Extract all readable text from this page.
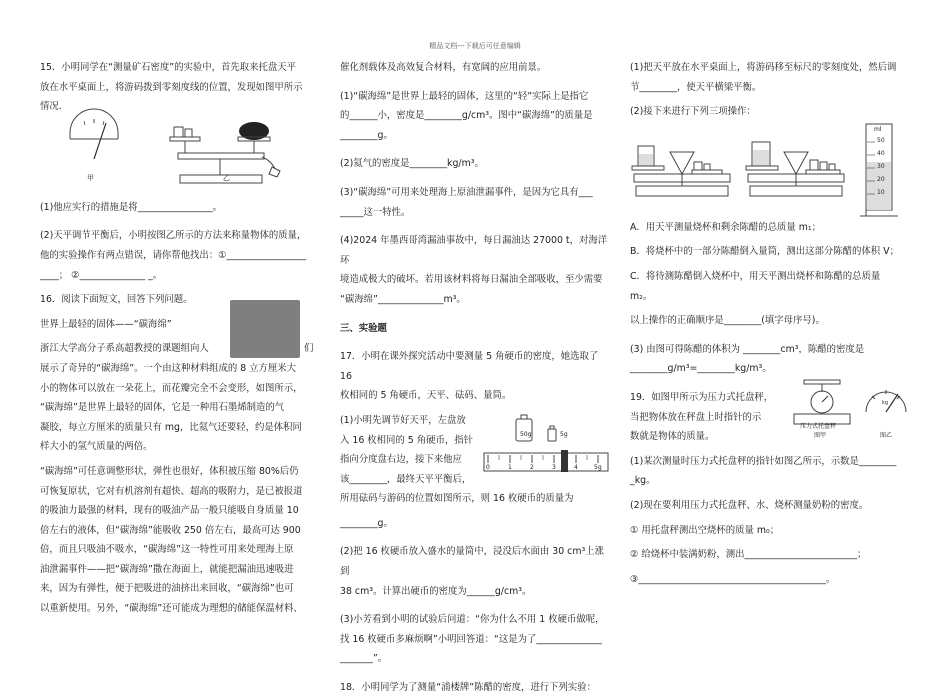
精品文档---下载后可任意编辑

15．小明同学在“测量矿石密度”的实验中，首先取来托盘天平

放在水平桌面上，将游码拨到零刻度线的位置，发现如图甲所示

情况．

甲	乙

(1)他应实行的措施是将________________。

(2)天平调节平衡后，小明按图乙所示的方法来称量物体的质量，

他的实验操作有两点错误，请你帮他找出：①_________________

____； ②______________ _。

16．阅读下面短文，回答下列问题。

世界上最轻的固体——“碳海绵”

浙江大学高分子系高超教授的课题组向人	们

展示了奇异的“碳海绵”。一个由这种材料组成的 8 立方厘米大

小的物体可以放在一朵花上，而花瓣完全不会变形，如图所示，

“碳海绵”是世界上最轻的固体，它是一种用石墨烯制造的气

凝胶，每立方厘米的质量只有 mg，比氦气还要轻，约是体积同

样大小的氢气质量的两倍。

“碳海绵”可任意调整形状，弹性也很好，体积被压缩 80%后仍

可恢复原状，它对有机溶剂有超快、超高的吸附力，是已被报道

的吸油力最强的材料，现有的吸油产品一般只能吸自身质量 10

倍左右的液体，但“碳海绵”能吸收 250 倍左右，最高可达 900

倍，而且只吸油不吸水，“碳海绵”这一特性可用来处理海上原

油泄漏事件——把“碳海绵”撒在海面上，就能把漏油迅速吸进

来，因为有弹性，便于把吸进的油挤出来回收，“碳海绵”也可

以重新使用。另外，“碳海绵”还可能成为理想的储能保温材料、

催化剂载体及高效复合材料，有宽阔的应用前景。

(1)“碳海绵”是世界上最轻的固体，这里的“轻”实际上是指它

的______小，密度是________g/cm³。图中“碳海绵”的质量是

________g。

(2)氦气的密度是________kg/m³。

(3)“碳海绵”可用来处理海上原油泄漏事件，是因为它具有___

_____这一特性。

(4)2024 年墨西哥湾漏油事故中，每日漏油达 27000 t，对海洋环

境造成极大的破坏。若用该材料将每日漏油全部吸收，至少需要

“碳海绵”______________m³。

三、实验题

17．小明在课外探究活动中要测量 5 角硬币的密度，她选取了 16

枚相同的 5 角硬币，天平、砝码、量筒。

(1)小明先调节好天平，左盘放

入 16 枚相同的 5 角硬币，指针

指向分度盘右边，接下来他应

该________，最终天平平衡后，

50g	5g
0	1	2	3	4	5g

所用砝码与游码的位置如图所示，则 16 枚硬币的质量为

________g。

(2)把 16 枚硬币放入盛水的量筒中，浸没后水面由 30 cm³上涨到

38 cm³。计算出硬币的密度为______g/cm³。

(3)小芳看到小明的试验后问道：“你为什么不用 1 枚硬币做呢，

找 16 枚硬币多麻烦啊”小明回答道：“这是为了______________

_______”。

18．小明同学为了测量“浦楼牌”陈醋的密度，进行下列实验：

(1)把天平放在水平桌面上，将游码移至标尺的零刻度处，然后调

节________，使天平横梁平衡。

(2)接下来进行下列三项操作：

ml
50
40
30
20
10

A．用天平测量烧杯和剩余陈醋的总质量 m₁；

B．将烧杯中的一部分陈醋倒入量筒，测出这部分陈醋的体积 V；

C．将待测陈醋倒入烧杯中，用天平测出烧杯和陈醋的总质量

m₂。

以上操作的正确顺序是________(填字母序号)。

(3) 由图可得陈醋的体积为 ________cm³，陈醋的密度是

________g/m³=________kg/m³。

19．如图甲所示为压力式托盘秤，

当把物体放在秤盘上时指针的示

数就是物体的质量。

压力式托盘秤
图甲
kg
图乙

(1)某次测量时压力式托盘秤的指针如图乙所示，示数是________

_kg。

(2)现在要利用压力式托盘秤、水、烧杯测量奶粉的密度。

① 用托盘秤测出空烧杯的质量 m₀；

② 给烧杯中装满奶粉，测出________________________；

③________________________________________。
